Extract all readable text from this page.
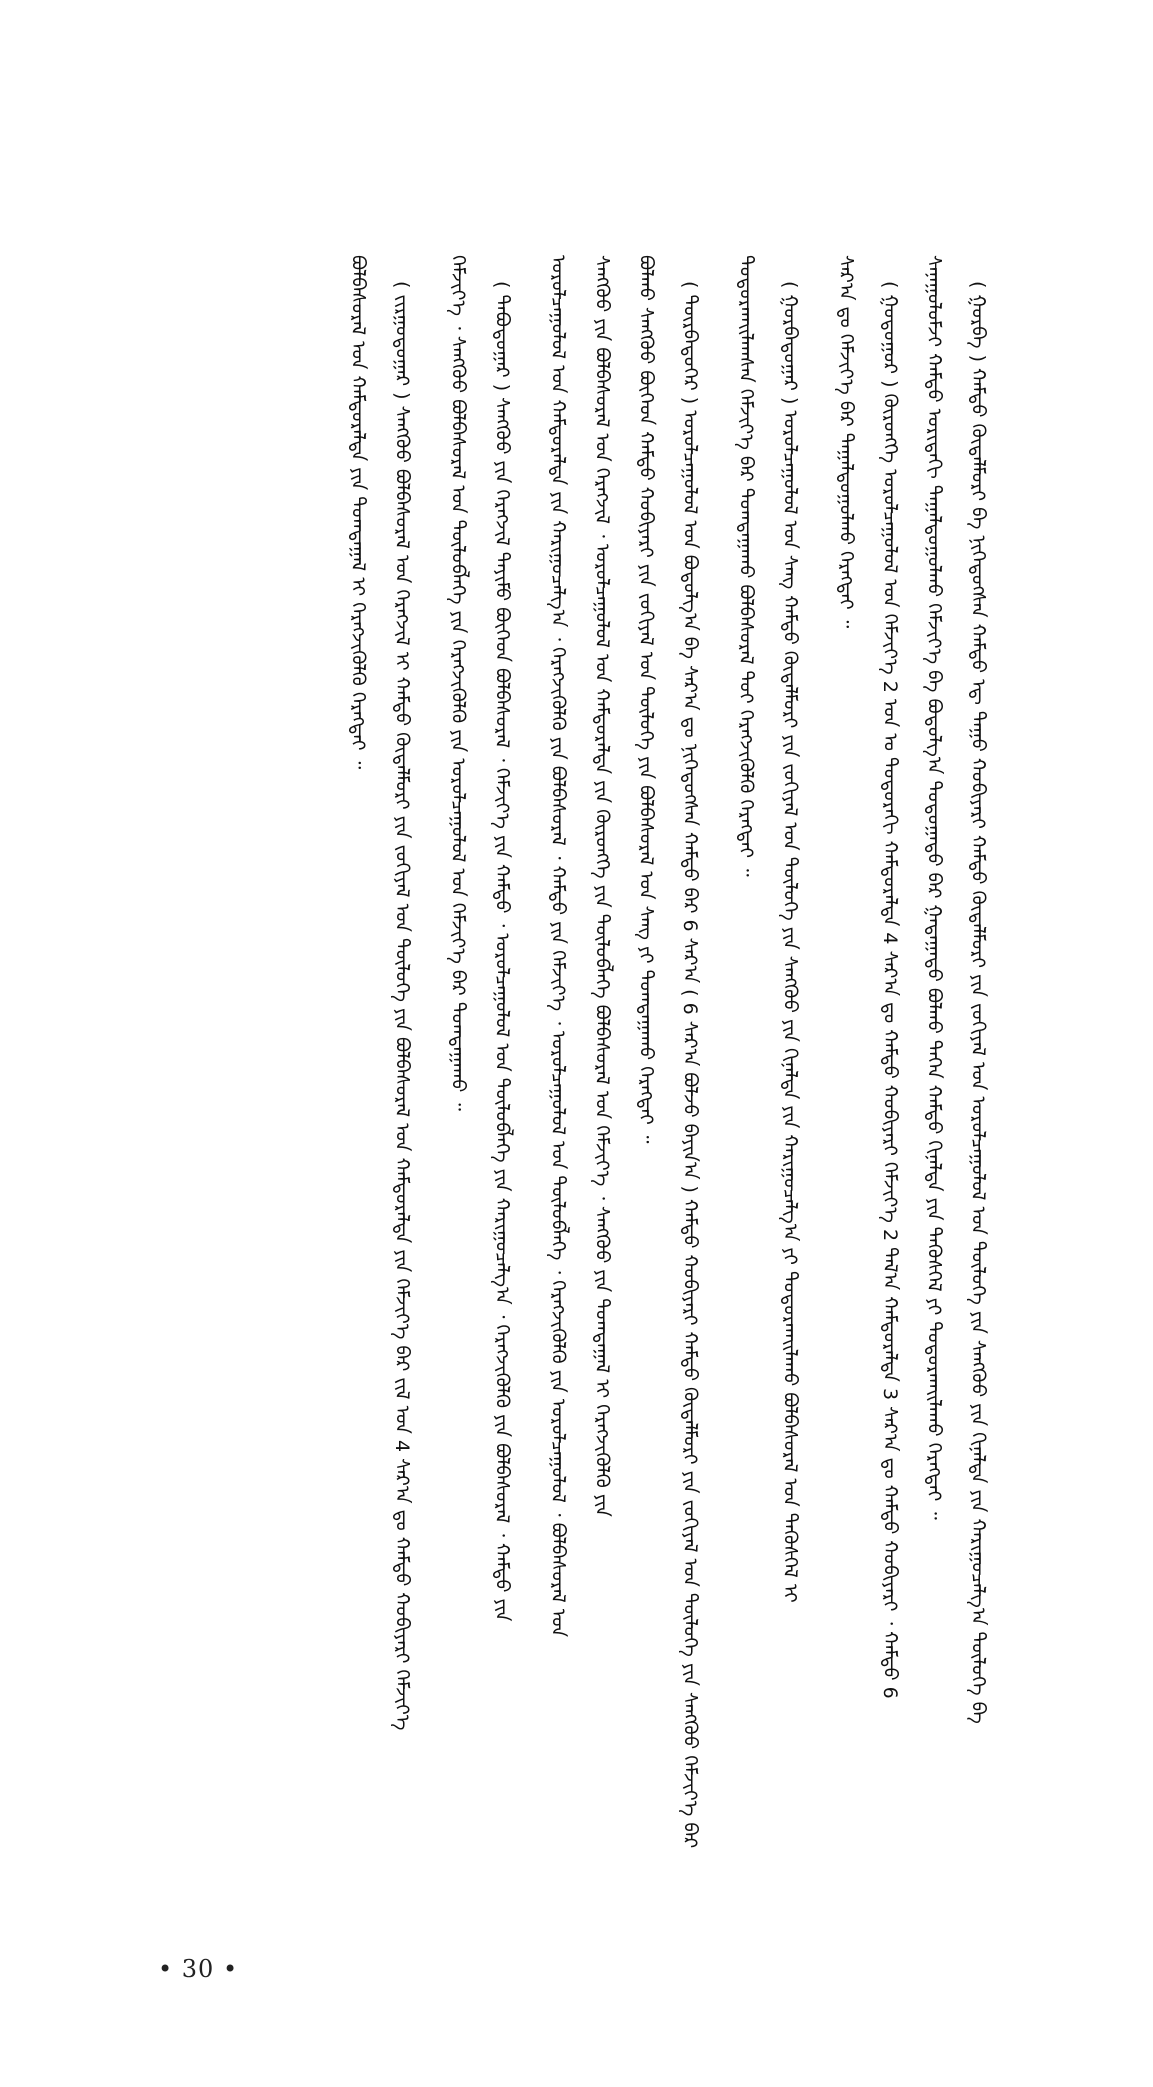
( ᠭᠣᠷᠪᠠ ) ᠬᠠᠮᠲᠤ ᠬᠥᠳᠡᠯᠮᠥᠷᠢ ᠪᠡ ᠨᠢᠭᠡᠳᠦᠭᠰᠡᠨ ᠬᠠᠮᠲᠤ ᠡᠳ᠋ ᠳᠠᠭᠤ ᠬᠤᠪᠢᠶᠠᠷᠢ ᠬᠠᠮᠲᠤ ᠬᠥᠳᠡᠯᠮᠥᠷᠢ ᠶᠢᠨ ᠵᠣᠬᠢᠶᠠᠯ ᠤᠨ ᠣᠷᠣᠯᠴᠠᠭᠤᠯᠤᠯ ᠤᠨ ᠲᠥᠯᠥᠭᠡ ᠶᠢᠨ ᠰᠠᠩᠬᠦᠦ ᠶᠢᠨ ᠬᠢᠨᠠᠯᠲᠠ ᠶᠢᠨ ᠬᠠᠷᠢᠭᠤᠴᠠᠯᠭ᠎ᠠ ᠲᠥᠯᠥᠭᠡ ᠪᠡ
ᠰᠠᠨᠠᠭᠤᠯᠤᠮᠵᠢ ᠬᠠᠮᠲᠤ ᠤᠷᠢᠳᠠᠬᠢ ᠳᠠᠭᠠᠯᠳᠤᠭᠤᠯᠬᠤ ᠬᠡᠮᠵᠢᠶ᠎ᠡ ᠪᠠ ᠪᠣᠳᠤᠯᠭ᠎ᠠ ᠳᠣᠳᠣᠭᠠᠳᠤ ᠪᠠᠷ ᠭᠠᠳᠠᠭᠠᠳᠤ ᠪᠣᠯᠬᠤ ᠳᠡᠭᠡᠨ ᠬᠠᠮᠲᠤ ᠬᠢᠨᠠᠯᠲᠠ ᠶᠢᠨ ᠲᠡᠭᠦᠰᠬᠡᠯ ᠶᠢ ᠲᠣᠳᠤᠷᠬᠠᠢᠯᠠᠬᠤ ᠬᠡᠷᠡᠭᠲᠡᠶ ᠃
( ᠭᠣᠳᠤᠭᠤᠷ ) ᠬᠥᠷᠥᠩᠭᠡ ᠣᠷᠣᠯᠴᠠᠭᠤᠯᠤᠯ ᠤᠨ ᠬᠡᠮᠵᠢᠶ᠎ᠡ 2 ᠣᠨ ᠤ ᠳᠣᠲᠣᠷᠠᠬᠢ ᠬᠠᠮᠲᠤᠷᠠᠯᠲᠠ 4 ᠰᠠᠷ᠎ᠠ ᠳᠤ ᠬᠠᠮᠲᠤ ᠬᠤᠪᠢᠶᠠᠷᠢ ᠬᠡᠮᠵᠢᠶ᠎ᠡ 2 ᠲᠠᠯ᠎ᠠ ᠬᠠᠮᠲᠤᠷᠠᠯᠲᠠ 3 ᠰᠠᠷ᠎ᠠ ᠳᠤ ᠬᠠᠮᠲᠤ ᠬᠤᠪᠢᠶᠠᠷᠢ ᠂ ᠬᠠᠮᠲᠤ 6
ᠰᠠᠷ᠎ᠠ ᠳᠤ ᠬᠡᠮᠵᠢᠶ᠎ᠡ ᠪᠡᠷ ᠳᠠᠭᠠᠯᠳᠤᠭᠤᠯᠬᠤ ᠬᠡᠷᠡᠭᠲᠡᠢ ᠃
( ᠭᠤᠷᠪᠠᠳᠤᠭᠠᠷ ) ᠣᠷᠣᠯᠴᠠᠭᠤᠯᠤᠯ ᠤᠨ ᠰᠠᠩ ᠬᠠᠮᠲᠤ ᠬᠥᠳᠡᠯᠮᠥᠷᠢ ᠶᠢᠨ ᠵᠣᠬᠢᠶᠠᠯ ᠤᠨ ᠲᠥᠯᠥᠭᠡ ᠶᠢᠨ ᠰᠠᠩᠬᠦᠦ ᠶᠢᠨ ᠬᠢᠨᠠᠯᠲᠠ ᠶᠢᠨ ᠬᠠᠷᠢᠭᠤᠴᠠᠯᠭ᠎ᠠ ᠶᠢ ᠲᠣᠳᠤᠷᠬᠠᠢᠯᠠᠬᠤ ᠪᠣᠯᠪᠠᠰᠤᠷᠠᠯ ᠤᠨ ᠲᠡᠭᠦᠰᠬᠡᠯ ᠢ
ᠲᠣᠳᠤᠷᠬᠠᠢᠯᠠᠭᠰᠠᠨ ᠬᠡᠮᠵᠢᠶ᠎ᠡ ᠪᠠᠷ ᠲᠣᠭᠲᠠᠭᠠᠬᠤ ᠪᠣᠯᠪᠠᠰᠤᠷᠠᠯ ᠲᠣᠢ ᠬᠡᠷᠡᠭᠵᠢᠭᠦᠯᠬᠦ ᠬᠡᠷᠡᠭᠲᠡᠢ ᠃
( ᠳᠥᠷᠪᠡᠳᠦᠭᠡᠷ ) ᠣᠷᠣᠯᠴᠠᠭᠤᠯᠤᠯ ᠤᠨ ᠪᠣᠳᠤᠯᠭ᠎ᠠ ᠪᠠ ᠰᠠᠷ᠎ᠠ ᠳᠤ ᠨᠢᠭᠡᠳᠦᠭᠰᠡᠨ ᠬᠠᠮᠲᠤ ᠪᠡᠷ 6 ᠰᠠᠷ᠎ᠠ ( 6 ᠰᠠᠷ᠎ᠠ ᠪᠣᠯᠵᠤ ᠪᠠᠶᠢᠨ᠎ᠠ ) ᠬᠠᠮᠲᠤ ᠬᠤᠪᠢᠶᠠᠷᠢ ᠬᠠᠮᠲᠤ ᠬᠥᠳᠡᠯᠮᠥᠷᠢ ᠶᠢᠨ ᠵᠣᠬᠢᠶᠠᠯ ᠤᠨ ᠲᠥᠯᠥᠭᠡ ᠶᠢᠨ ᠰᠠᠩᠬᠦᠦ ᠬᠡᠮᠵᠢᠶ᠎ᠡ ᠪᠡᠷ
ᠪᠣᠯᠬᠤ ᠰᠠᠩᠬᠦᠦ ᠪᠥᠭᠡᠳ ᠬᠠᠮᠲᠤ ᠬᠤᠪᠢᠶᠠᠷᠢ ᠶᠢᠨ ᠵᠣᠬᠢᠶᠠᠯ ᠤᠨ ᠲᠥᠯᠥᠭᠡ ᠶᠢᠨ ᠪᠣᠯᠪᠠᠰᠤᠷᠠᠯ ᠤᠨ ᠰᠠᠩ ᠶᠢ ᠲᠣᠭᠲᠠᠭᠠᠬᠤ ᠬᠡᠷᠡᠭᠲᠡᠢ ᠃
ᠰᠠᠩᠬᠦᠦ ᠶᠢᠨ ᠪᠣᠯᠪᠠᠰᠤᠷᠠᠯ ᠤᠨ ᠬᠡᠷᠡᠭᠵᠢᠯ ᠂ ᠣᠷᠣᠯᠴᠠᠭᠤᠯᠤᠯ ᠤᠨ ᠬᠠᠮᠲᠤᠷᠠᠯᠲᠠ ᠶᠢᠨ ᠬᠥᠷᠥᠩᠭᠡ ᠶᠢᠨ ᠲᠥᠯᠥᠪᠯᠡᠭᠡ ᠪᠣᠯᠪᠠᠰᠤᠷᠠᠯ ᠤᠨ ᠬᠡᠮᠵᠢᠶ᠎ᠡ ᠂ ᠰᠠᠩᠬᠦᠦ ᠶᠢᠨ ᠲᠣᠭᠲᠠᠭᠠᠯ ᠢ ᠬᠡᠷᠡᠭᠵᠢᠭᠦᠯᠬᠦ ᠶᠢᠨ
ᠣᠷᠣᠯᠴᠠᠭᠤᠯᠤᠯ ᠤᠨ ᠬᠠᠮᠲᠤᠷᠠᠯᠲᠠ ᠶᠢᠨ ᠬᠠᠷᠢᠭᠤᠴᠠᠯᠭ᠎ᠠ ᠂ ᠬᠡᠷᠡᠭᠵᠢᠭᠦᠯᠬᠦ ᠶᠢᠨ ᠪᠣᠯᠪᠠᠰᠤᠷᠠᠯ ᠂ ᠬᠠᠮᠲᠤ ᠶᠢᠨ ᠬᠡᠮᠵᠢᠶ᠎ᠡ ᠂ ᠣᠷᠣᠯᠴᠠᠭᠤᠯᠤᠯ ᠤᠨ ᠲᠥᠯᠥᠪᠯᠡᠭᠡ ᠂ ᠬᠡᠷᠡᠭᠵᠢᠭᠦᠯᠬᠦ ᠶᠢᠨ ᠣᠷᠣᠯᠴᠠᠭᠤᠯᠤᠯ ᠂ ᠪᠣᠯᠪᠠᠰᠤᠷᠠᠯ ᠤᠨ
( ᠲᠠᠪᠤᠳᠤᠭᠠᠷ ) ᠰᠠᠩᠬᠦᠦ ᠶᠢᠨ ᠬᠡᠷᠡᠭᠵᠢᠯ ᠲᠡᠶᠢᠮᠦ ᠪᠥᠭᠡᠳ ᠪᠣᠯᠪᠠᠰᠤᠷᠠᠯ ᠂ ᠬᠡᠮᠵᠢᠶ᠎ᠡ ᠶᠢᠨ ᠬᠠᠮᠲᠤ ᠂ ᠣᠷᠣᠯᠴᠠᠭᠤᠯᠤᠯ ᠤᠨ ᠲᠥᠯᠥᠪᠯᠡᠭᠡ ᠶᠢᠨ ᠬᠠᠷᠢᠭᠤᠴᠠᠯᠭ᠎ᠠ ᠂ ᠬᠡᠷᠡᠭᠵᠢᠭᠦᠯᠬᠦ ᠶᠢᠨ ᠪᠣᠯᠪᠠᠰᠤᠷᠠᠯ ᠂ ᠬᠠᠮᠲᠤ ᠶᠢᠨ
ᠬᠡᠮᠵᠢᠶ᠎ᠡ ᠂ ᠰᠠᠩᠬᠦᠦ ᠪᠣᠯᠪᠠᠰᠤᠷᠠᠯ ᠤᠨ ᠲᠥᠯᠥᠪᠯᠡᠭᠡ ᠶᠢᠨ ᠬᠡᠷᠡᠭᠵᠢᠭᠦᠯᠬᠦ ᠶᠢᠨ ᠣᠷᠣᠯᠴᠠᠭᠤᠯᠤᠯ ᠤᠨ ᠬᠡᠮᠵᠢᠶ᠎ᠡ ᠪᠡᠷ ᠲᠣᠭᠲᠠᠭᠠᠬᠤ ᠃
( ᠵᠢᠷᠭᠤᠳᠤᠭᠠᠷ ) ᠰᠠᠩᠬᠦᠦ ᠪᠣᠯᠪᠠᠰᠤᠷᠠᠯ ᠤᠨ ᠬᠡᠷᠡᠭᠵᠢᠯ ᠢ ᠬᠠᠮᠲᠤ ᠬᠥᠳᠡᠯᠮᠥᠷᠢ ᠶᠢᠨ ᠵᠣᠬᠢᠶᠠᠯ ᠤᠨ ᠲᠥᠯᠥᠭᠡ ᠶᠢᠨ ᠪᠣᠯᠪᠠᠰᠤᠷᠠᠯ ᠤᠨ ᠬᠠᠮᠲᠤᠷᠠᠯᠲᠠ ᠶᠢᠨ ᠬᠡᠮᠵᠢᠶ᠎ᠡ ᠪᠡᠷ ᠵᠢᠯ ᠤᠨ 4 ᠰᠠᠷ᠎ᠠ ᠳᠤ ᠬᠠᠮᠲᠤ ᠬᠤᠪᠢᠶᠠᠷᠢ ᠬᠡᠮᠵᠢᠶ᠎ᠡ
ᠪᠣᠯᠪᠠᠰᠤᠷᠠᠯ ᠤᠨ ᠬᠠᠮᠲᠤᠷᠠᠯᠲᠠ ᠶᠢᠨ ᠲᠣᠭᠲᠠᠭᠠᠯ ᠢ ᠬᠡᠷᠡᠭᠵᠢᠭᠦᠯᠬᠦ ᠬᠡᠷᠡᠭᠲᠡᠢ ᠃
• 30 •
